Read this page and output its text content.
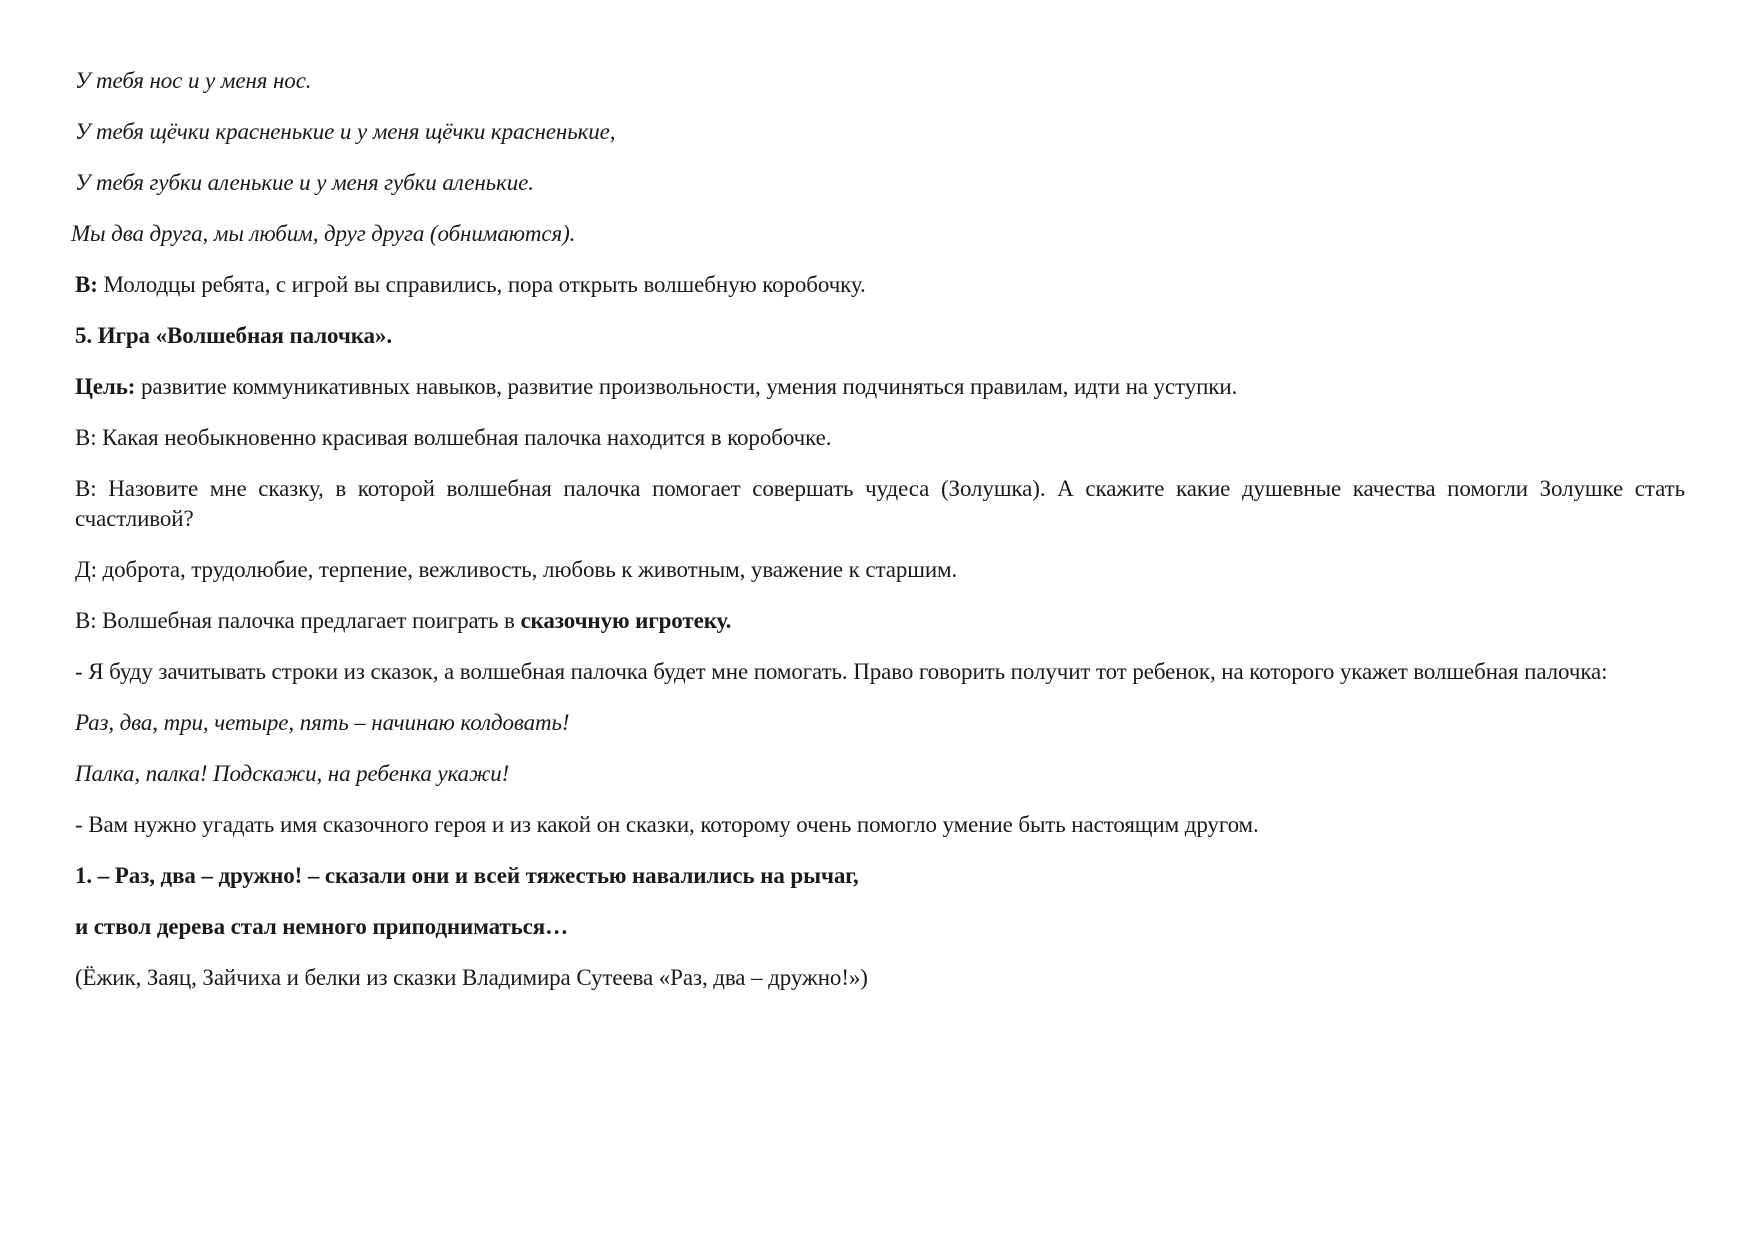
У тебя нос и у меня нос.

У тебя щёчки красненькие и у меня щёчки красненькие,

У тебя губки аленькие и у меня губки аленькие.

Мы два друга, мы любим, друг друга (обнимаются).

В: Молодцы ребята, с игрой вы справились, пора открыть волшебную коробочку.

5. Игра «Волшебная палочка».

Цель: развитие коммуникативных навыков, развитие произвольности, умения подчиняться правилам, идти на уступки.

В: Какая необыкновенно красивая волшебная палочка находится в коробочке.

В: Назовите мне сказку, в которой волшебная палочка помогает совершать чудеса (Золушка). А скажите какие душевные качества помогли Золушке стать счастливой?

Д: доброта, трудолюбие, терпение, вежливость, любовь к животным, уважение к старшим.

В: Волшебная палочка предлагает поиграть в сказочную игротеку.

- Я буду зачитывать строки из сказок, а волшебная палочка будет мне помогать. Право говорить получит тот ребенок, на которого укажет волшебная палочка:

Раз, два, три, четыре, пять – начинаю колдовать!

Палка, палка! Подскажи, на ребенка укажи!

- Вам нужно угадать имя сказочного героя и из какой он сказки, которому очень помогло умение быть настоящим другом.

1. – Раз, два – дружно! – сказали они и всей тяжестью навалились на рычаг,

и ствол дерева стал немного приподниматься…

(Ёжик, Заяц, Зайчиха и белки из сказки Владимира Сутеева «Раз, два – дружно!»)
